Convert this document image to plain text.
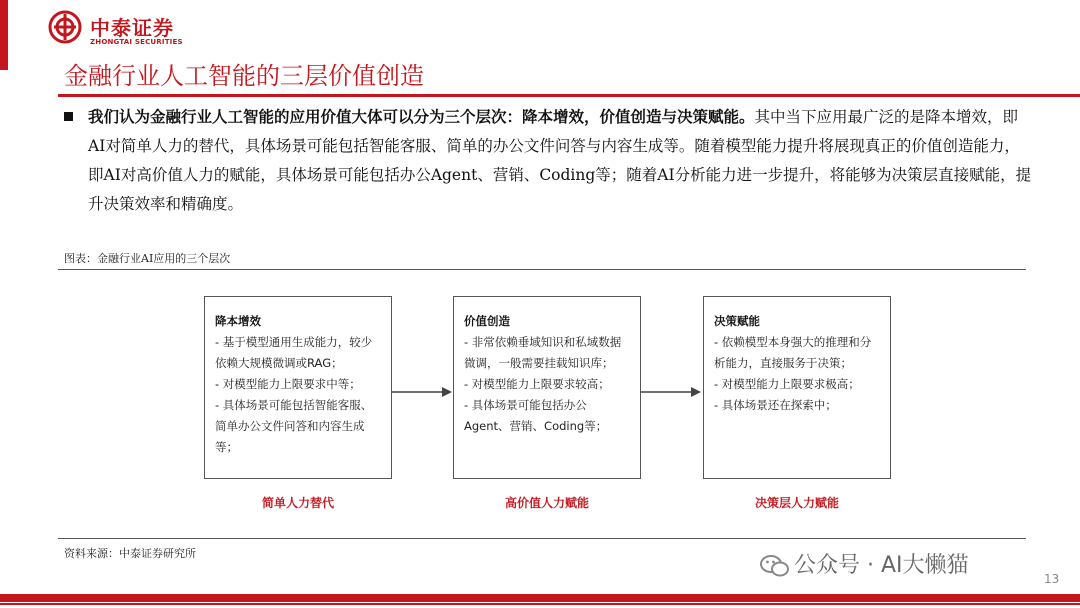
中泰证券
ZHONGTAI SECURITIES
金融行业人工智能的三层价值创造
我们认为金融行业人工智能的应用价值大体可以分为三个层次：降本增效，价值创造与决策赋能。其中当下应用最广泛的是降本增效，即AI对简单人力的替代，具体场景可能包括智能客服、简单的办公文件问答与内容生成等。随着模型能力提升将展现真正的价值创造能力，即AI对高价值人力的赋能，具体场景可能包括办公Agent、营销、Coding等；随着AI分析能力进一步提升，将能够为决策层直接赋能，提升决策效率和精确度。
图表：金融行业AI应用的三个层次
降本增效
- 基于模型通用生成能力，较少依赖大规模微调或RAG；
- 对模型能力上限要求中等；
- 具体场景可能包括智能客服、简单办公文件问答和内容生成等；
价值创造
- 非常依赖垂域知识和私域数据微调，一般需要挂载知识库；
- 对模型能力上限要求较高；
- 具体场景可能包括办公Agent、营销、Coding等；
决策赋能
- 依赖模型本身强大的推理和分析能力，直接服务于决策；
- 对模型能力上限要求极高；
- 具体场景还在探索中；
简单人力替代	高价值人力赋能	决策层人力赋能
资料来源：中泰证券研究所	公众号 · AI大懒猫
13
